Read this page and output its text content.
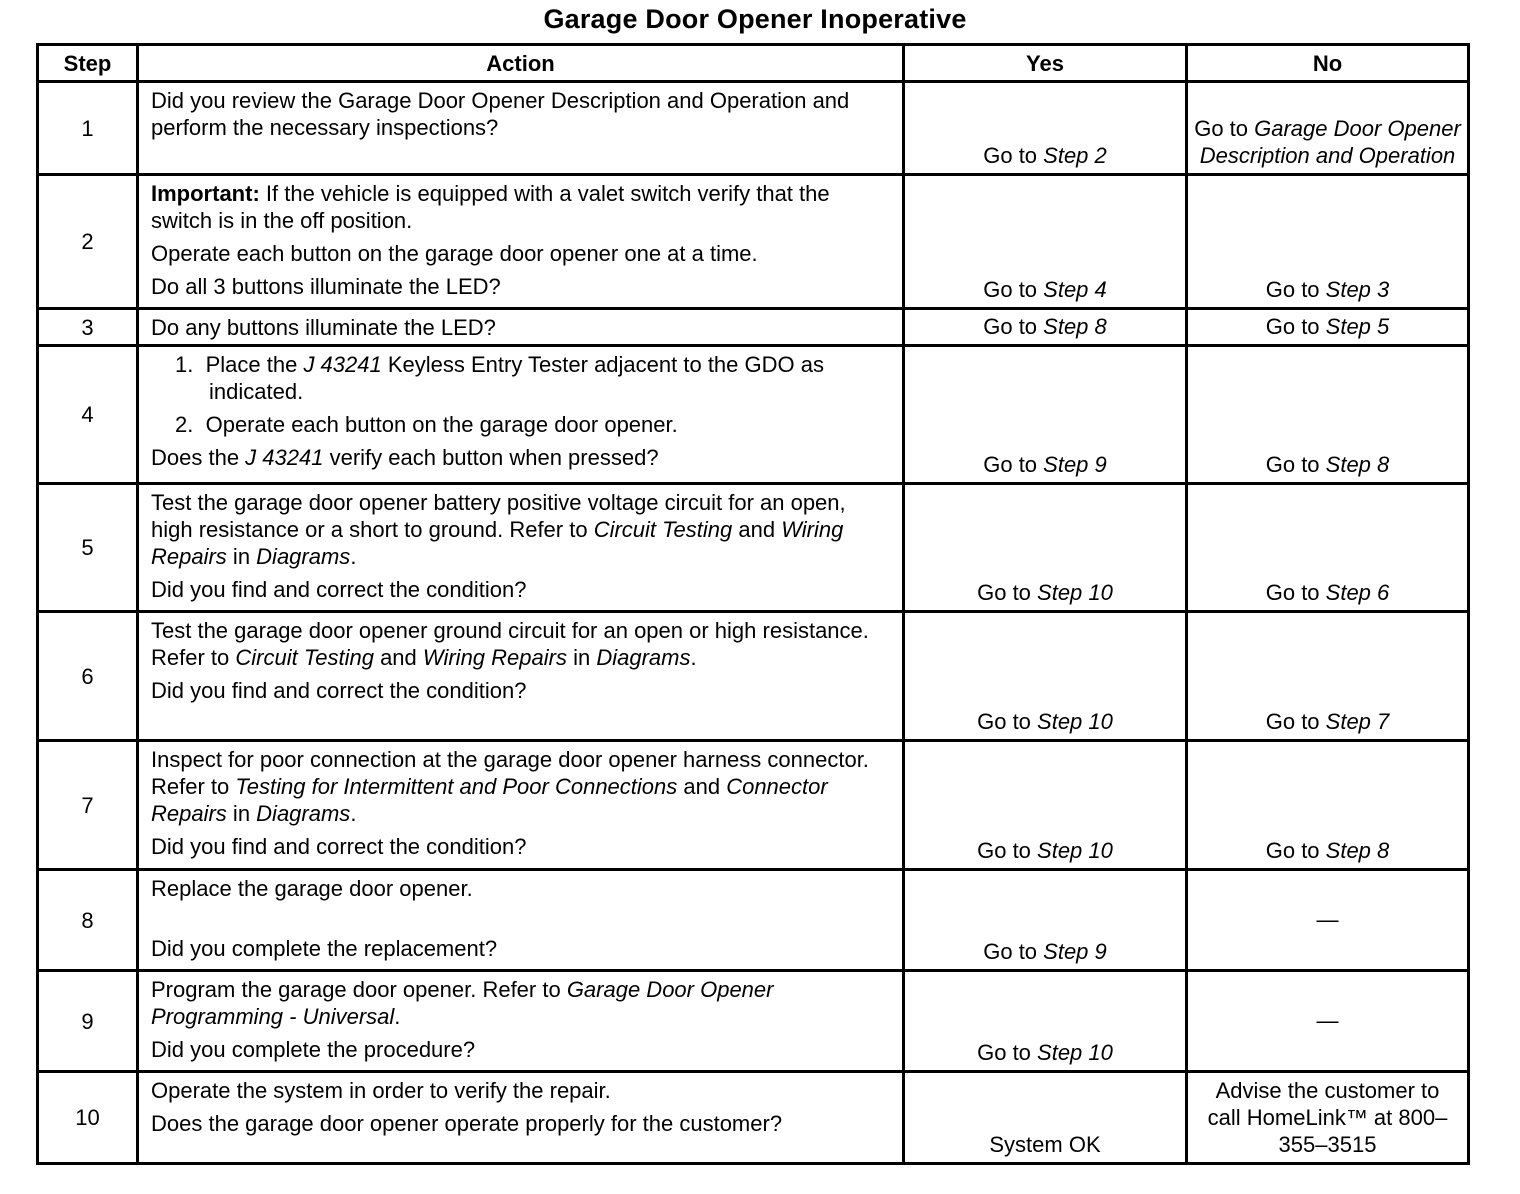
Garage Door Opener Inoperative
Step	Action	Yes	No
1	Did you review the Garage Door Opener Description and Operation and perform the necessary inspections?	Go to Step 2	Go to Garage Door Opener Description and Operation
2	Important: If the vehicle is equipped with a valet switch verify that the switch is in the off position.
Operate each button on the garage door opener one at a time.
Do all 3 buttons illuminate the LED?	Go to Step 4	Go to Step 3
3	Do any buttons illuminate the LED?	Go to Step 8	Go to Step 5
4	1. Place the J 43241 Keyless Entry Tester adjacent to the GDO as indicated.
2. Operate each button on the garage door opener.
Does the J 43241 verify each button when pressed?	Go to Step 9	Go to Step 8
5	Test the garage door opener battery positive voltage circuit for an open, high resistance or a short to ground. Refer to Circuit Testing and Wiring Repairs in Diagrams.
Did you find and correct the condition?	Go to Step 10	Go to Step 6
6	Test the garage door opener ground circuit for an open or high resistance. Refer to Circuit Testing and Wiring Repairs in Diagrams.
Did you find and correct the condition?	Go to Step 10	Go to Step 7
7	Inspect for poor connection at the garage door opener harness connector. Refer to Testing for Intermittent and Poor Connections and Connector Repairs in Diagrams.
Did you find and correct the condition?	Go to Step 10	Go to Step 8
8	Replace the garage door opener.
Did you complete the replacement?	Go to Step 9	—
9	Program the garage door opener. Refer to Garage Door Opener Programming - Universal.
Did you complete the procedure?	Go to Step 10	—
10	Operate the system in order to verify the repair.
Does the garage door opener operate properly for the customer?	System OK	Advise the customer to call HomeLink™ at 800–355–3515
